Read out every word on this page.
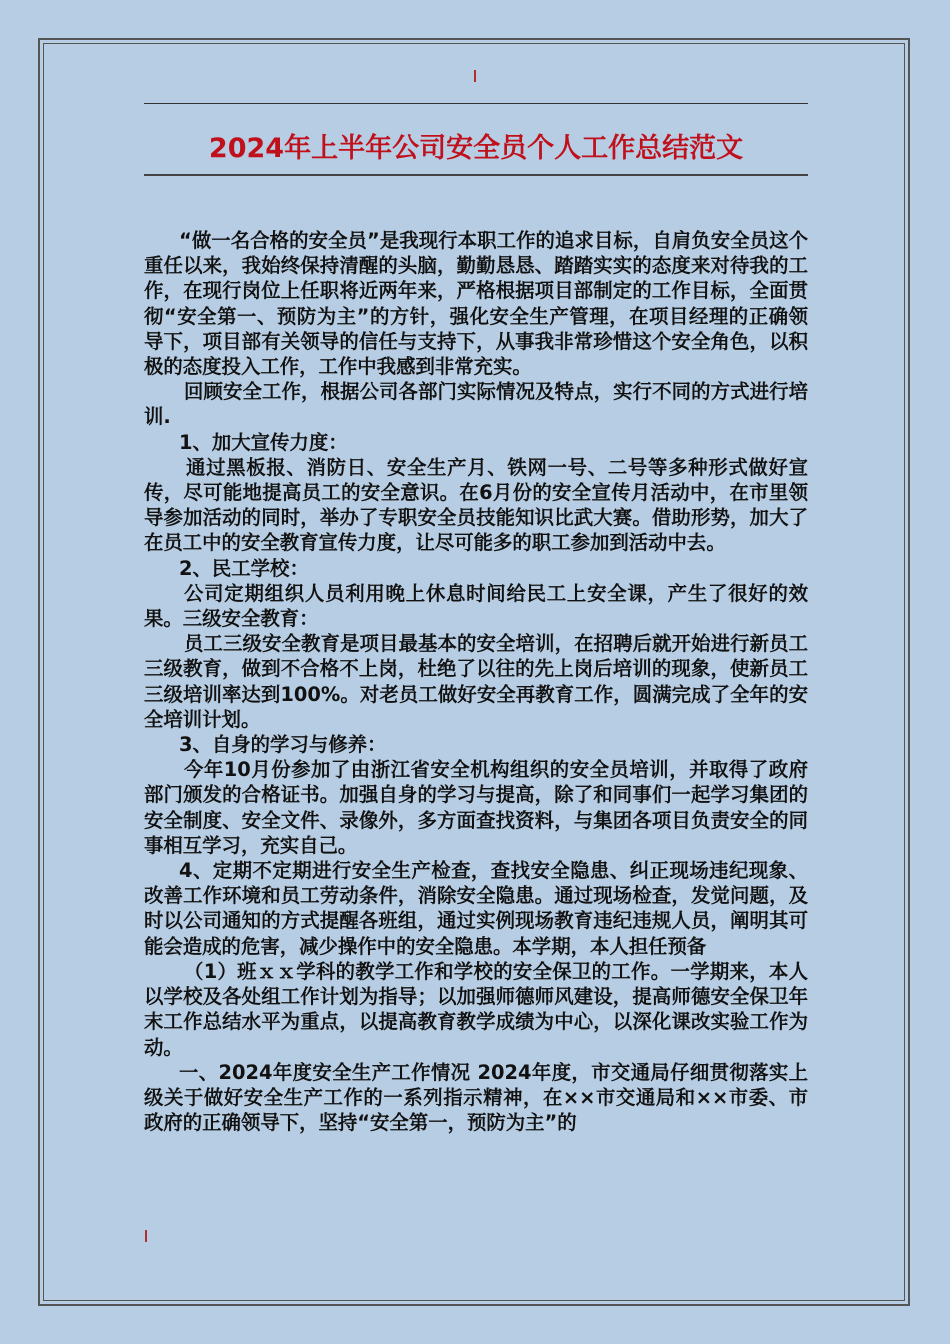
2024年上半年公司安全员个人工作总结范文

“做一名合格的安全员”是我现行本职工作的追求目标，自肩负安全员这个重任以来，我始终保持清醒的头脑，勤勤恳恳、踏踏实实的态度来对待我的工作，在现行岗位上任职将近两年来，严格根据项目部制定的工作目标，全面贯彻“安全第一、预防为主”的方针，强化安全生产管理，在项目经理的正确领导下，项目部有关领导的信任与支持下，从事我非常珍惜这个安全角色，以积极的态度投入工作，工作中我感到非常充实。

回顾安全工作，根据公司各部门实际情况及特点，实行不同的方式进行培训.

1、加大宣传力度：

通过黑板报、消防日、安全生产月、铁网一号、二号等多种形式做好宣传，尽可能地提高员工的安全意识。在6月份的安全宣传月活动中，在市里领导参加活动的同时，举办了专职安全员技能知识比武大赛。借助形势，加大了在员工中的安全教育宣传力度，让尽可能多的职工参加到活动中去。

2、民工学校：

公司定期组织人员利用晚上休息时间给民工上安全课，产生了很好的效果。三级安全教育：

员工三级安全教育是项目最基本的安全培训，在招聘后就开始进行新员工三级教育，做到不合格不上岗，杜绝了以往的先上岗后培训的现象，使新员工三级培训率达到100%。对老员工做好安全再教育工作，圆满完成了全年的安全培训计划。

3、自身的学习与修养：

今年10月份参加了由浙江省安全机构组织的安全员培训，并取得了政府部门颁发的合格证书。加强自身的学习与提高，除了和同事们一起学习集团的安全制度、安全文件、录像外，多方面查找资料，与集团各项目负责安全的同事相互学习，充实自己。

4、定期不定期进行安全生产检查，查找安全隐患、纠正现场违纪现象、改善工作环境和员工劳动条件，消除安全隐患。通过现场检查，发觉问题，及时以公司通知的方式提醒各班组，通过实例现场教育违纪违规人员，阐明其可能会造成的危害，减少操作中的安全隐患。本学期，本人担任预备

（1）班ｘｘ学科的教学工作和学校的安全保卫的工作。一学期来，本人以学校及各处组工作计划为指导；以加强师德师风建设，提高师德安全保卫年末工作总结水平为重点，以提高教育教学成绩为中心，以深化课改实验工作为动。

一、2024年度安全生产工作情况 2024年度，市交通局仔细贯彻落实上级关于做好安全生产工作的一系列指示精神，在××市交通局和××市委、市政府的正确领导下，坚持“安全第一，预防为主”的
